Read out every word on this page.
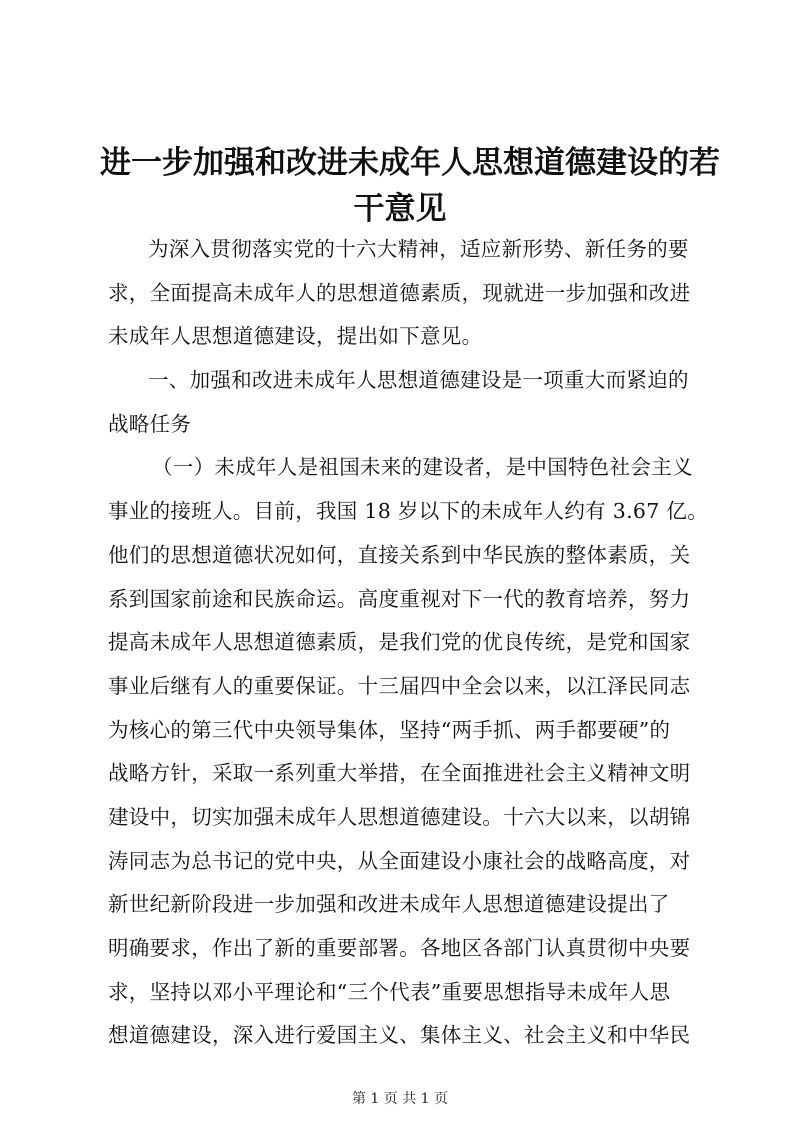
进一步加强和改进未成年人思想道德建设的若
干意见
为深入贯彻落实党的十六大精神，适应新形势、新任务的要
求，全面提高未成年人的思想道德素质，现就进一步加强和改进
未成年人思想道德建设，提出如下意见。
一、加强和改进未成年人思想道德建设是一项重大而紧迫的
战略任务
（一）未成年人是祖国未来的建设者，是中国特色社会主义
事业的接班人。目前，我国 18 岁以下的未成年人约有 3.67 亿。
他们的思想道德状况如何，直接关系到中华民族的整体素质，关
系到国家前途和民族命运。高度重视对下一代的教育培养，努力
提高未成年人思想道德素质，是我们党的优良传统，是党和国家
事业后继有人的重要保证。十三届四中全会以来，以江泽民同志
为核心的第三代中央领导集体，坚持“两手抓、两手都要硬”的
战略方针，采取一系列重大举措，在全面推进社会主义精神文明
建设中，切实加强未成年人思想道德建设。十六大以来，以胡锦
涛同志为总书记的党中央，从全面建设小康社会的战略高度，对
新世纪新阶段进一步加强和改进未成年人思想道德建设提出了
明确要求，作出了新的重要部署。各地区各部门认真贯彻中央要
求，坚持以邓小平理论和“三个代表”重要思想指导未成年人思
想道德建设，深入进行爱国主义、集体主义、社会主义和中华民
第 1 页 共 1 页
